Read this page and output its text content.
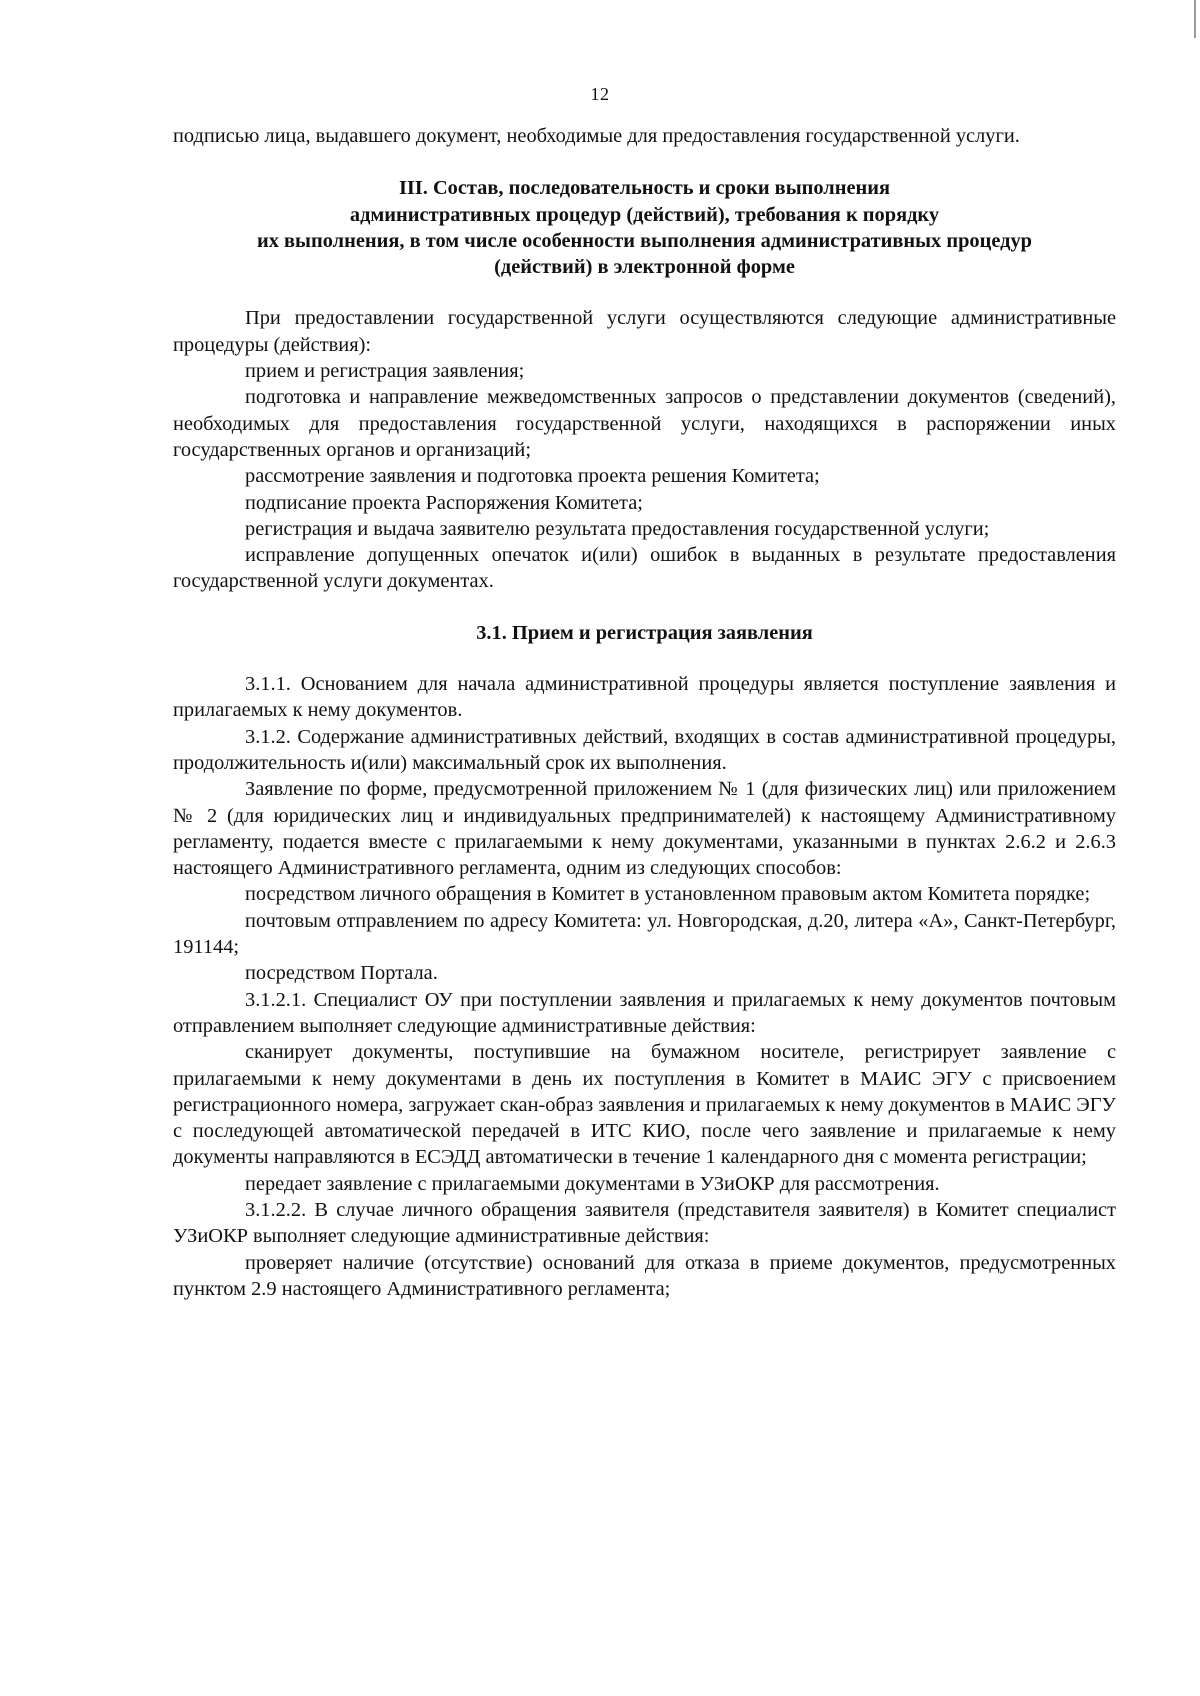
12

подписью лица, выдавшего документ, необходимые для предоставления государственной услуги.

III. Состав, последовательность и сроки выполнения

административных процедур (действий), требования к порядку

их выполнения, в том числе особенности выполнения административных процедур

(действий) в электронной форме

При предоставлении государственной услуги осуществляются следующие административные процедуры (действия):

прием и регистрация заявления;

подготовка и направление межведомственных запросов о представлении документов (сведений), необходимых для предоставления государственной услуги, находящихся в распоряжении иных государственных органов и организаций;

рассмотрение заявления и подготовка проекта решения Комитета;

подписание проекта Распоряжения Комитета;

регистрация и выдача заявителю результата предоставления государственной услуги;

исправление допущенных опечаток и(или) ошибок в выданных в результате предоставления государственной услуги документах.

3.1. Прием и регистрация заявления

3.1.1. Основанием для начала административной процедуры является поступление заявления и прилагаемых к нему документов.

3.1.2. Содержание административных действий, входящих в состав административной процедуры, продолжительность и(или) максимальный срок их выполнения.

Заявление по форме, предусмотренной приложением № 1 (для физических лиц) или приложением № 2 (для юридических лиц и индивидуальных предпринимателей) к настоящему Административному регламенту, подается вместе с прилагаемыми к нему документами, указанными в пунктах 2.6.2 и 2.6.3 настоящего Административного регламента, одним из следующих способов:

посредством личного обращения в Комитет в установленном правовым актом Комитета порядке;

почтовым отправлением по адресу Комитета: ул. Новгородская, д.20, литера «А», Санкт-Петербург, 191144;

посредством Портала.

3.1.2.1. Специалист ОУ при поступлении заявления и прилагаемых к нему документов почтовым отправлением выполняет следующие административные действия:

сканирует документы, поступившие на бумажном носителе, регистрирует заявление с прилагаемыми к нему документами в день их поступления в Комитет в МАИС ЭГУ с присвоением регистрационного номера, загружает скан-образ заявления и прилагаемых к нему документов в МАИС ЭГУ с последующей автоматической передачей в ИТС КИО, после чего заявление и прилагаемые к нему документы направляются в ЕСЭДД автоматически в течение 1 календарного дня с момента регистрации;

передает заявление с прилагаемыми документами в УЗиОКР для рассмотрения.

3.1.2.2. В случае личного обращения заявителя (представителя заявителя) в Комитет специалист УЗиОКР выполняет следующие административные действия:

проверяет наличие (отсутствие) оснований для отказа в приеме документов, предусмотренных пунктом 2.9 настоящего Административного регламента;
